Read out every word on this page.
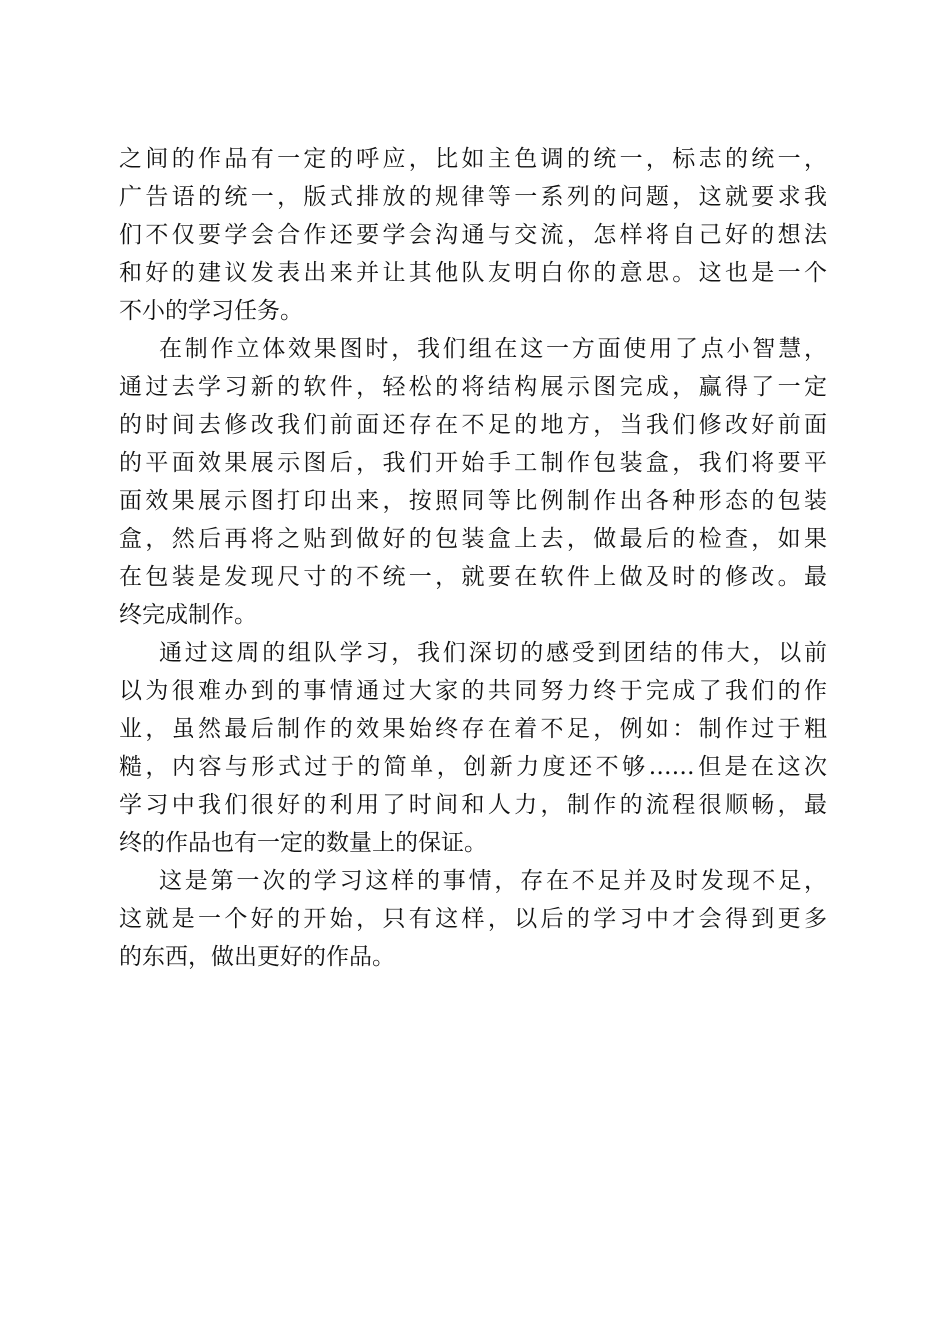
之间的作品有一定的呼应，比如主色调的统一，标志的统一，
广告语的统一，版式排放的规律等一系列的问题，这就要求我
们不仅要学会合作还要学会沟通与交流，怎样将自己好的想法
和好的建议发表出来并让其他队友明白你的意思。这也是一个
不小的学习任务。
在制作立体效果图时，我们组在这一方面使用了点小智慧，
通过去学习新的软件，轻松的将结构展示图完成，赢得了一定
的时间去修改我们前面还存在不足的地方，当我们修改好前面
的平面效果展示图后，我们开始手工制作包装盒，我们将要平
面效果展示图打印出来，按照同等比例制作出各种形态的包装
盒，然后再将之贴到做好的包装盒上去，做最后的检查，如果
在包装是发现尺寸的不统一，就要在软件上做及时的修改。最
终完成制作。
通过这周的组队学习，我们深切的感受到团结的伟大，以前
以为很难办到的事情通过大家的共同努力终于完成了我们的作
业，虽然最后制作的效果始终存在着不足，例如：制作过于粗
糙，内容与形式过于的简单，创新力度还不够……但是在这次
学习中我们很好的利用了时间和人力，制作的流程很顺畅，最
终的作品也有一定的数量上的保证。
这是第一次的学习这样的事情，存在不足并及时发现不足，
这就是一个好的开始，只有这样，以后的学习中才会得到更多
的东西，做出更好的作品。
